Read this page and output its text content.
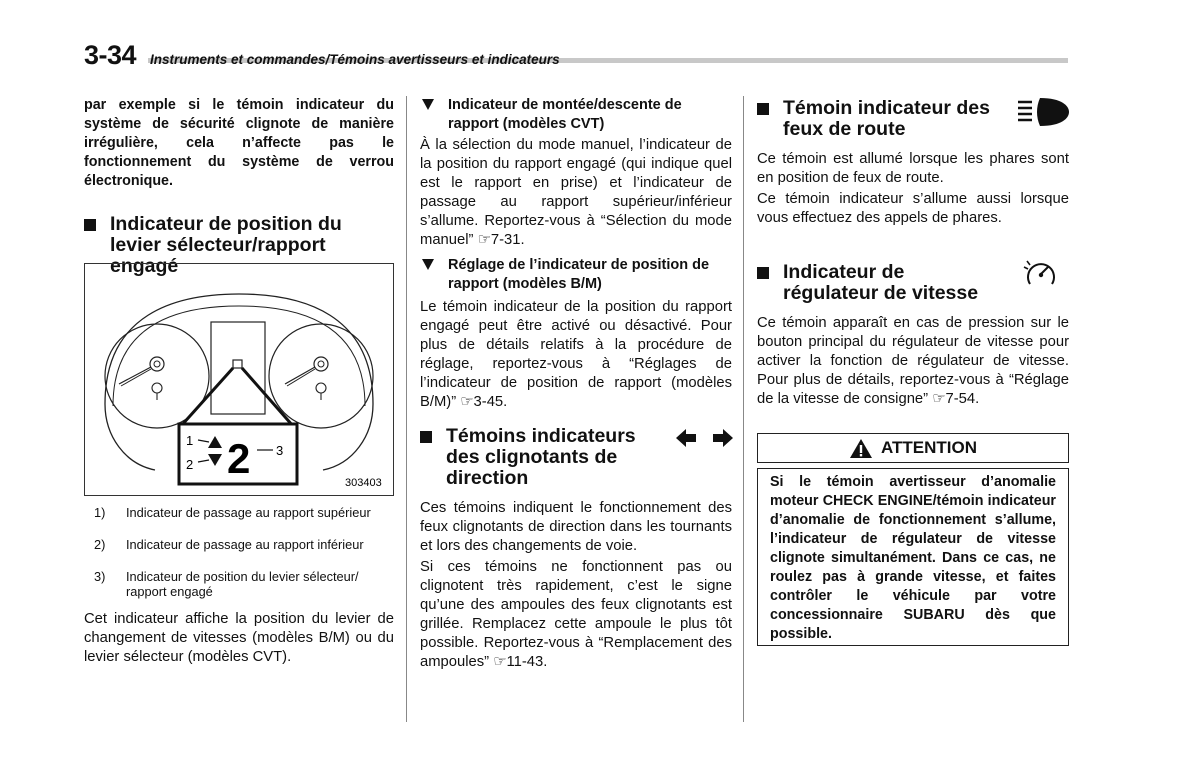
3-34 Instruments et commandes/Témoins avertisseurs et indicateurs

par exemple si le témoin indicateur du système de sécurité clignote de manière irrégulière, cela n’affecte pas le fonctionnement du système de verrou électronique.

Indicateur de position du levier sélecteur/rapport engagé

1
2
3
2
303403
1) Indicateur de passage au rapport supérieur
2) Indicateur de passage au rapport inférieur
3) Indicateur de position du levier sélecteur/ rapport engagé

Cet indicateur affiche la position du levier de changement de vitesses (modèles B/M) ou du levier sélecteur (modèles CVT).

Indicateur de montée/descente de rapport (modèles CVT)

À la sélection du mode manuel, l’indicateur de la position du rapport engagé (qui indique quel est le rapport en prise) et l’indicateur de passage au rapport supérieur/inférieur s’allume. Reportez-vous à “Sélection du mode manuel” ☞7-31.

Réglage de l’indicateur de position de rapport (modèles B/M)

Le témoin indicateur de la position du rapport engagé peut être activé ou désactivé. Pour plus de détails relatifs à la procédure de réglage, reportez-vous à “Réglages de l’indicateur de position de rapport (modèles B/M)” ☞3-45.

Témoins indicateurs des clignotants de direction

Ces témoins indiquent le fonctionnement des feux clignotants de direction dans les tournants et lors des changements de voie.

Si ces témoins ne fonctionnent pas ou clignotent très rapidement, c’est le signe qu’une des ampoules des feux clignotants est grillée. Remplacez cette ampoule le plus tôt possible. Reportez-vous à “Remplacement des ampoules” ☞11-43.

Témoin indicateur des feux de route

Ce témoin est allumé lorsque les phares sont en position de feux de route.

Ce témoin indicateur s’allume aussi lorsque vous effectuez des appels de phares.

Indicateur de régulateur de vitesse

Ce témoin apparaît en cas de pression sur le bouton principal du régulateur de vitesse pour activer la fonction de régulateur de vitesse. Pour plus de détails, reportez-vous à “Réglage de la vitesse de consigne” ☞7-54.

ATTENTION

Si le témoin avertisseur d’anomalie moteur CHECK ENGINE/témoin indicateur d’anomalie de fonctionnement s’allume, l’indicateur de régulateur de vitesse clignote simultanément. Dans ce cas, ne roulez pas à grande vitesse, et faites contrôler le véhicule par votre concessionnaire SUBARU dès que possible.
